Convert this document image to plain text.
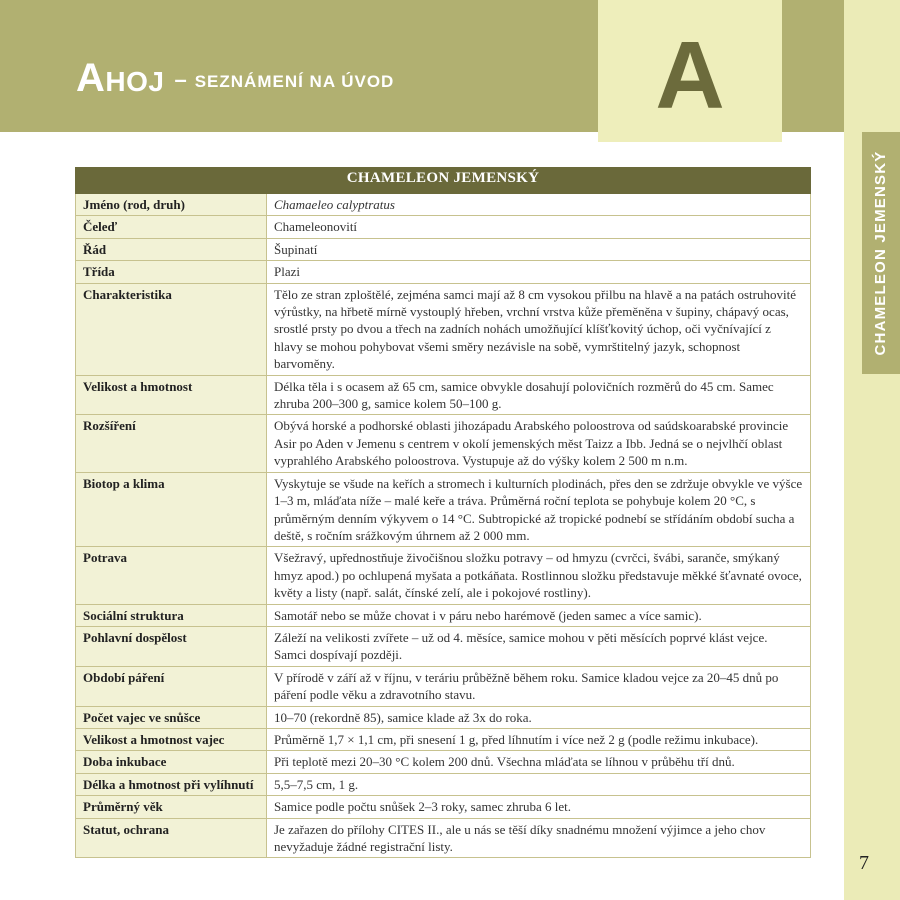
Ahoj – SEZNÁMENÍ NA ÚVOD	A
CHAMELEON JEMENSKÝ
CHAMELEON JEMENSKÝ	
Jméno (rod, druh)	Chamaeleo calyptratus
Čeleď	Chameleonovití
Řád	Šupinatí
Třída	Plazi
Charakteristika	Tělo ze stran zploštělé, zejména samci mají až 8 cm vysokou přilbu na hlavě a na patách ostruhovité výrůstky, na hřbetě mírně vystouplý hřeben, vrchní vrstva kůže přeměněna v šupiny, chápavý ocas, srostlé prsty po dvou a třech na zadních nohách umožňující klíšťkovitý úchop, oči vyčnívající z hlavy se mohou pohybovat všemi směry nezávisle na sobě, vymrštitelný jazyk, schopnost barvoměny.
Velikost a hmotnost	Délka těla i s ocasem až 65 cm, samice obvykle dosahují polovičních rozměrů do 45 cm. Samec zhruba 200–300 g, samice kolem 50–100 g.
Rozšíření	Obývá horské a podhorské oblasti jihozápadu Arabského poloostrova od saúdskoarabské provincie Asir po Aden v Jemenu s centrem v okolí jemenských měst Taizz a Ibb. Jedná se o nejvlhčí oblast vyprahlého Arabského poloostrova. Vystupuje až do výšky kolem 2 500 m n.m.
Biotop a klima	Vyskytuje se všude na keřích a stromech i kulturních plodinách, přes den se zdržuje obvykle ve výšce 1–3 m, mláďata níže – malé keře a tráva. Průměrná roční teplota se pohybuje kolem 20 °C, s průměrným denním výkyvem o 14 °C. Subtropické až tropické podnebí se střídáním období sucha a deště, s ročním srážkovým úhrnem až 2 000 mm.
Potrava	Všežravý, upřednostňuje živočišnou složku potravy – od hmyzu (cvrčci, švábi, saranče, smýkaný hmyz apod.) po ochlupená myšata a potkáňata. Rostlinnou složku představuje měkké šťavnaté ovoce, květy a listy (např. salát, čínské zelí, ale i pokojové rostliny).
Sociální struktura	Samotář nebo se může chovat i v páru nebo harémově (jeden samec a více samic).
Pohlavní dospělost	Záleží na velikosti zvířete – už od 4. měsíce, samice mohou v pěti měsících poprvé klást vejce. Samci dospívají později.
Období páření	V přírodě v září až v říjnu, v teráriu průběžně během roku. Samice kladou vejce za 20–45 dnů po páření podle věku a zdravotního stavu.
Počet vajec ve snůšce	10–70 (rekordně 85), samice klade až 3x do roka.
Velikost a hmotnost vajec	Průměrně 1,7 × 1,1 cm, při snesení 1 g, před líhnutím i více než 2 g (podle režimu inkubace).
Doba inkubace	Při teplotě mezi 20–30 °C kolem 200 dnů. Všechna mláďata se líhnou v průběhu tří dnů.
Délka a hmotnost při vylíhnutí	5,5–7,5 cm, 1 g.
Průměrný věk	Samice podle počtu snůšek 2–3 roky, samec zhruba 6 let.
Statut, ochrana	Je zařazen do přílohy CITES II., ale u nás se těší díky snadnému množení výjimce a jeho chov nevyžaduje žádné registrační listy.
7
